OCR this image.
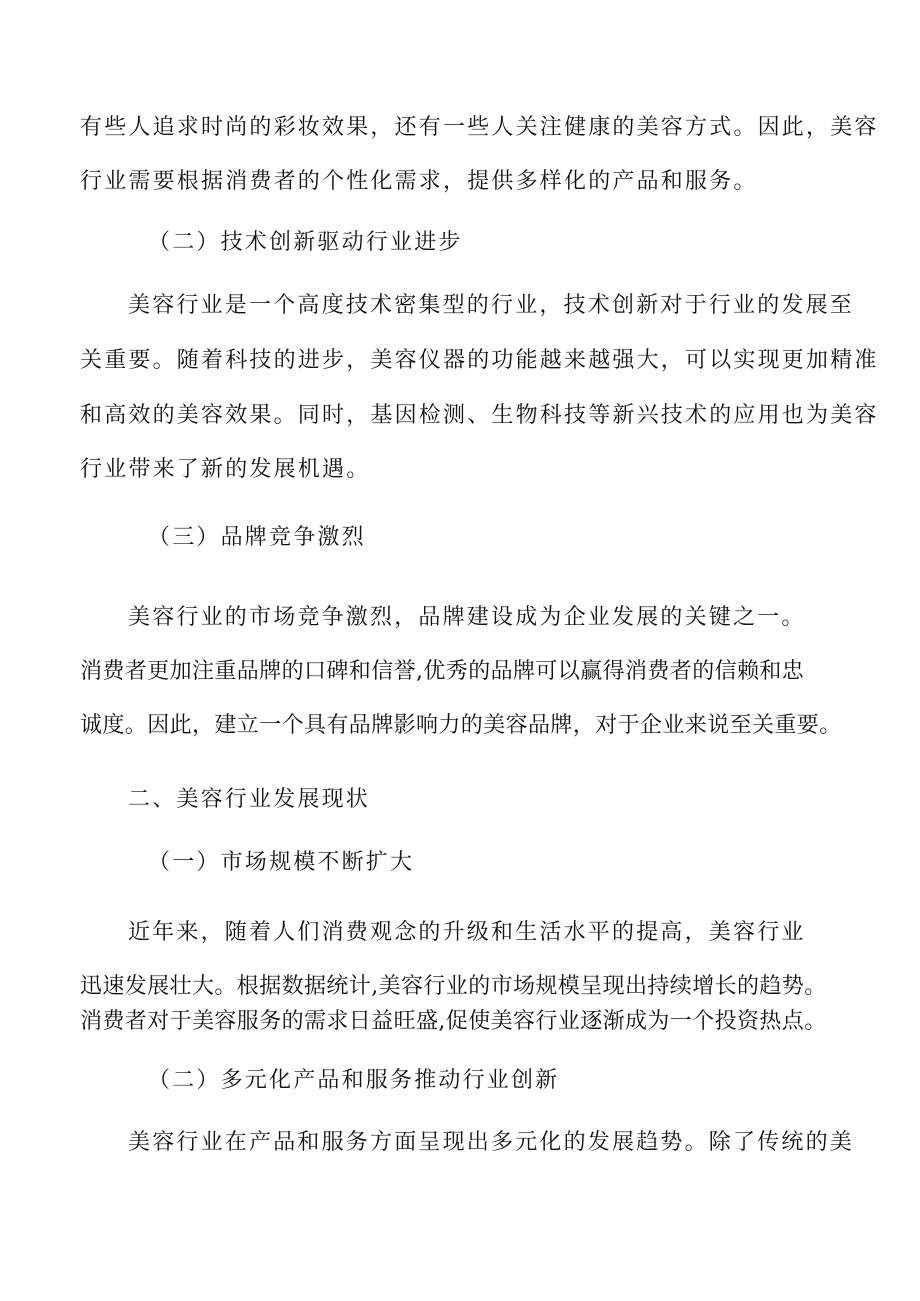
有些人追求时尚的彩妆效果，还有一些人关注健康的美容方式。因此，美容
行业需要根据消费者的个性化需求，提供多样化的产品和服务。
（二）技术创新驱动行业进步
美容行业是一个高度技术密集型的行业，技术创新对于行业的发展至
关重要。随着科技的进步，美容仪器的功能越来越强大，可以实现更加精准
和高效的美容效果。同时，基因检测、生物科技等新兴技术的应用也为美容
行业带来了新的发展机遇。
（三）品牌竞争激烈
美容行业的市场竞争激烈，品牌建设成为企业发展的关键之一。
消费者更加注重品牌的口碑和信誉,优秀的品牌可以赢得消费者的信赖和忠
诚度。因此，建立一个具有品牌影响力的美容品牌，对于企业来说至关重要。
二、美容行业发展现状
（一）市场规模不断扩大
近年来，随着人们消费观念的升级和生活水平的提高，美容行业
迅速发展壮大。根据数据统计,美容行业的市场规模呈现出持续增长的趋势。
消费者对于美容服务的需求日益旺盛,促使美容行业逐渐成为一个投资热点。
（二）多元化产品和服务推动行业创新
美容行业在产品和服务方面呈现出多元化的发展趋势。除了传统的美
